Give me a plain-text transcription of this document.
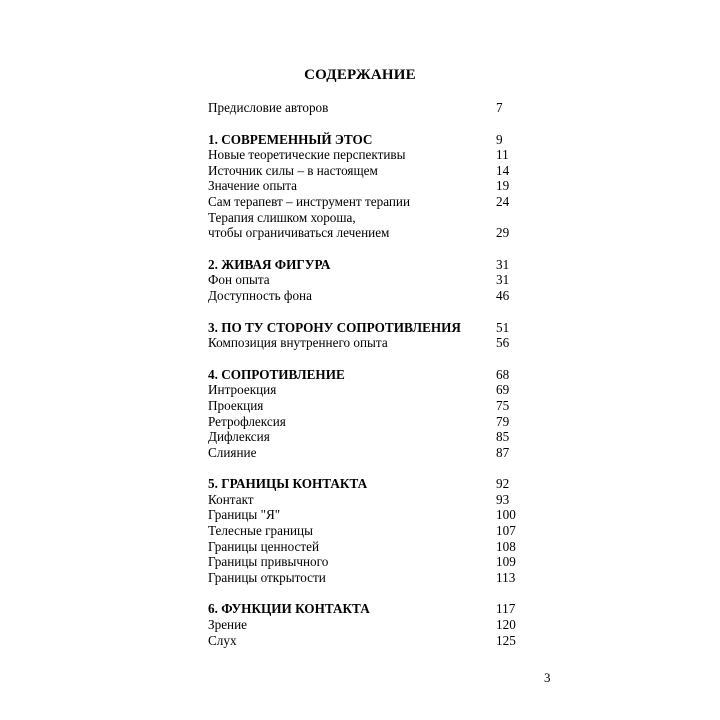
СОДЕРЖАНИЕ
Предисловие авторов	7
1. СОВРЕМЕННЫЙ ЭТОС	9
Новые теоретические перспективы	11
Источник силы – в настоящем	14
Значение опыта	19
Сам терапевт – инструмент терапии	24
Терапия слишком хороша,
чтобы ограничиваться лечением	29
2. ЖИВАЯ ФИГУРА	31
Фон опыта	31
Доступность фона	46
3. ПО ТУ СТОРОНУ СОПРОТИВЛЕНИЯ	51
Композиция внутреннего опыта	56
4. СОПРОТИВЛЕНИЕ	68
Интроекция	69
Проекция	75
Ретрофлексия	79
Дифлексия	85
Слияние	87
5. ГРАНИЦЫ КОНТАКТА	92
Контакт	93
Границы "Я"	100
Телесные границы	107
Границы ценностей	108
Границы привычного	109
Границы открытости	113
6. ФУНКЦИИ КОНТАКТА	117
Зрение	120
Слух	125
3
